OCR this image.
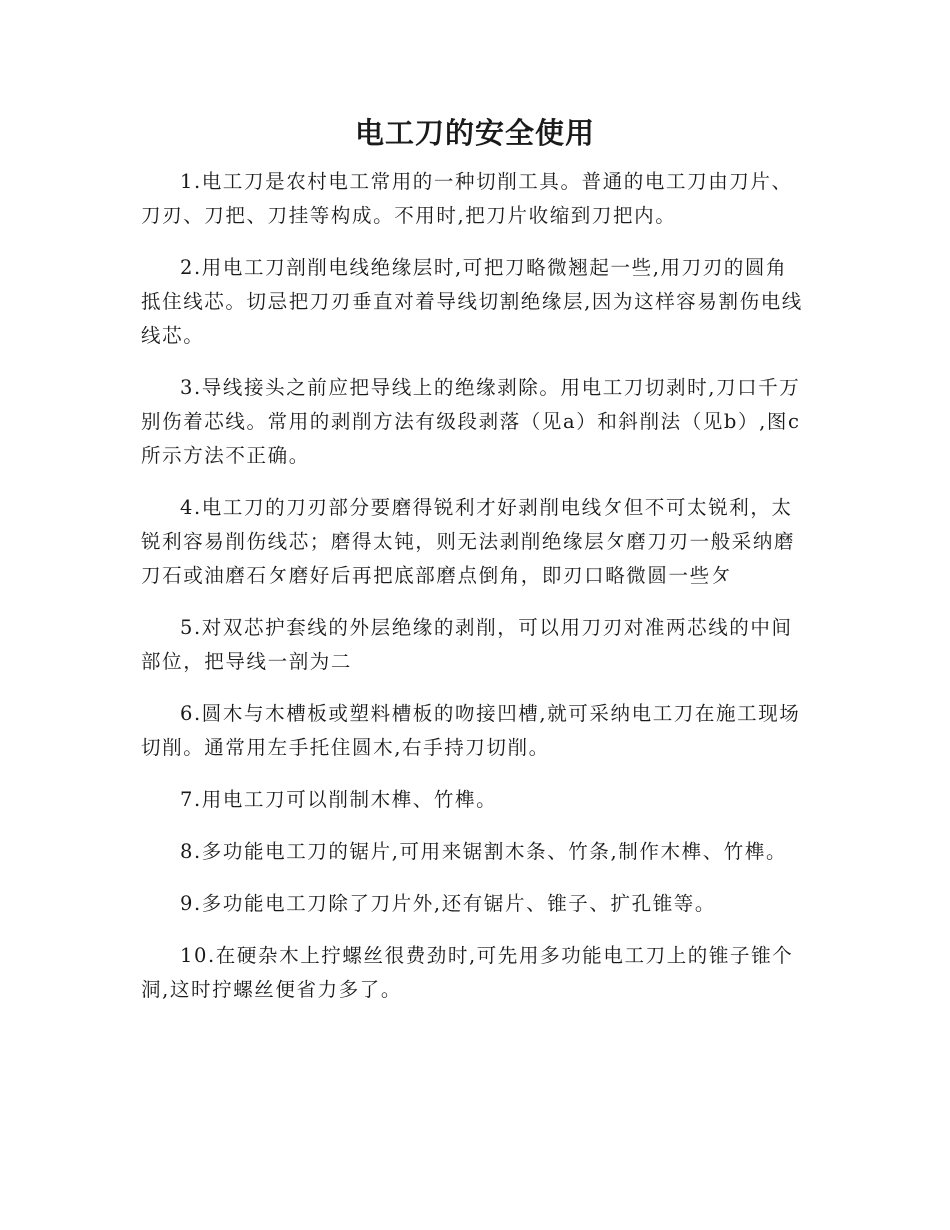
电工刀的安全使用

1.电工刀是农村电工常用的一种切削工具。普通的电工刀由刀片、刀刃、刀把、刀挂等构成。不用时,把刀片收缩到刀把内。

2.用电工刀剖削电线绝缘层时,可把刀略微翘起一些,用刀刃的圆角抵住线芯。切忌把刀刃垂直对着导线切割绝缘层,因为这样容易割伤电线线芯。

3.导线接头之前应把导线上的绝缘剥除。用电工刀切剥时,刀口千万别伤着芯线。常用的剥削方法有级段剥落（见a）和斜削法（见b）,图c所示方法不正确。

4.电工刀的刀刃部分要磨得锐利才好剥削电线〩但不可太锐利，太锐利容易削伤线芯；磨得太钝，则无法剥削绝缘层〩磨刀刃一般采纳磨刀石或油磨石〩磨好后再把底部磨点倒角，即刃口略微圆一些〩

5.对双芯护套线的外层绝缘的剥削，可以用刀刃对准两芯线的中间部位，把导线一剖为二

6.圆木与木槽板或塑料槽板的吻接凹槽,就可采纳电工刀在施工现场切削。通常用左手托住圆木,右手持刀切削。

7.用电工刀可以削制木榫、竹榫。

8.多功能电工刀的锯片,可用来锯割木条、竹条,制作木榫、竹榫。

9.多功能电工刀除了刀片外,还有锯片、锥子、扩孔锥等。

10.在硬杂木上拧螺丝很费劲时,可先用多功能电工刀上的锥子锥个洞,这时拧螺丝便省力多了。
